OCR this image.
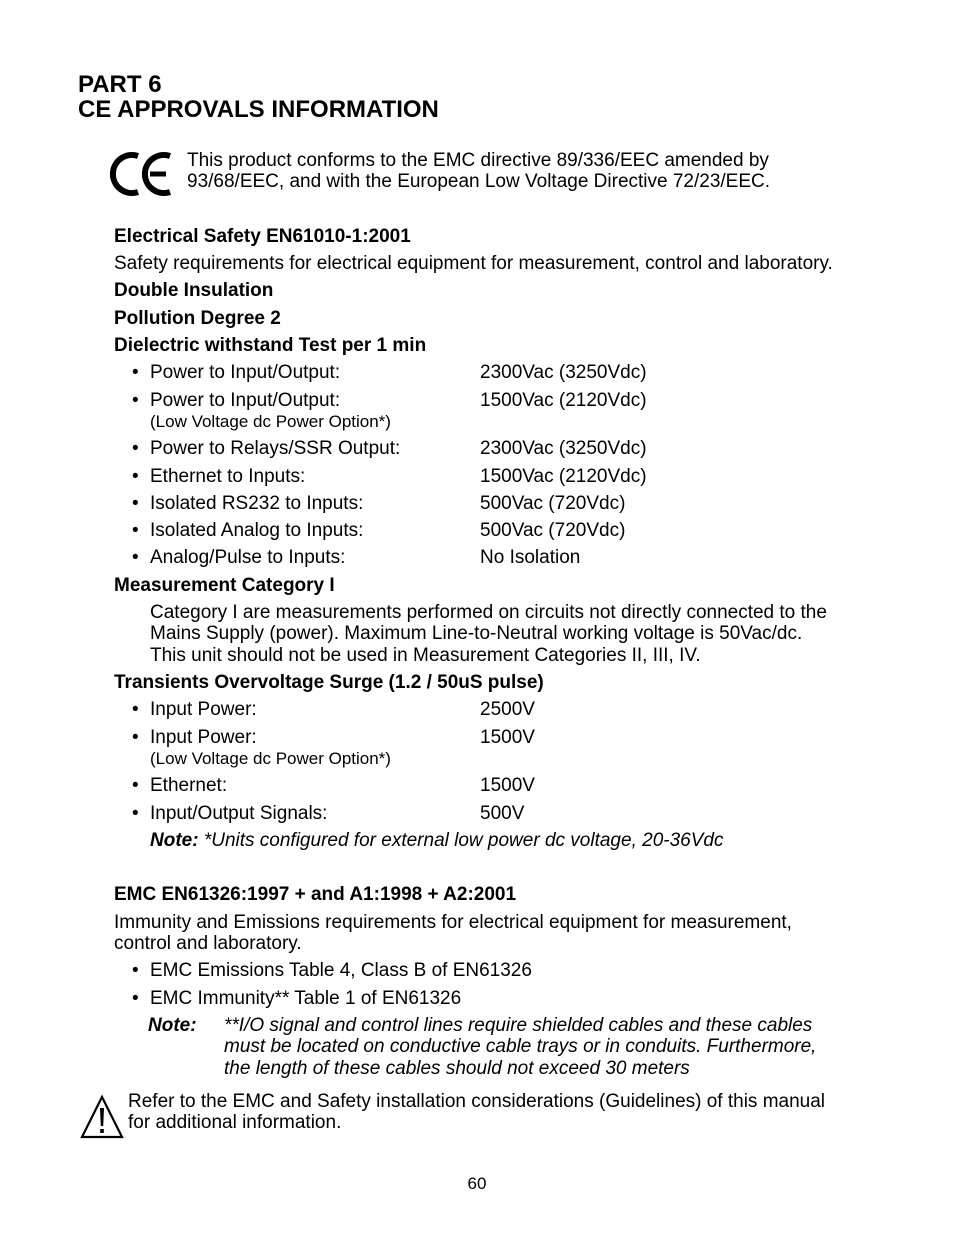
PART 6
CE APPROVALS INFORMATION
This product conforms to the EMC directive 89/336/EEC amended by
93/68/EEC, and with the European Low Voltage Directive 72/23/EEC.
Electrical Safety EN61010-1:2001
Safety requirements for electrical equipment for measurement, control and laboratory.
Double Insulation
Pollution Degree 2
Dielectric withstand Test per 1 min
• Power to Input/Output:	2300Vac (3250Vdc)
• Power to Input/Output:	1500Vac (2120Vdc)
(Low Voltage dc Power Option*)
• Power to Relays/SSR Output:	2300Vac (3250Vdc)
• Ethernet to Inputs:	1500Vac (2120Vdc)
• Isolated RS232 to Inputs:	500Vac (720Vdc)
• Isolated Analog to Inputs:	500Vac (720Vdc)
• Analog/Pulse to Inputs:	No Isolation
Measurement Category I
Category I are measurements performed on circuits not directly connected to the
Mains Supply (power). Maximum Line-to-Neutral working voltage is 50Vac/dc.
This unit should not be used in Measurement Categories II, III, IV.
Transients Overvoltage Surge (1.2 / 50uS pulse)
• Input Power:	2500V
• Input Power:	1500V
(Low Voltage dc Power Option*)
• Ethernet:	1500V
• Input/Output Signals:	500V
Note: *Units configured for external low power dc voltage, 20-36Vdc
EMC EN61326:1997 + and A1:1998 + A2:2001
Immunity and Emissions requirements for electrical equipment for measurement,
control and laboratory.
• EMC Emissions Table 4, Class B of EN61326
• EMC Immunity** Table 1 of EN61326
Note: **I/O signal and control lines require shielded cables and these cables
must be located on conductive cable trays or in conduits. Furthermore,
the length of these cables should not exceed 30 meters
Refer to the EMC and Safety installation considerations (Guidelines) of this manual
for additional information.
60
